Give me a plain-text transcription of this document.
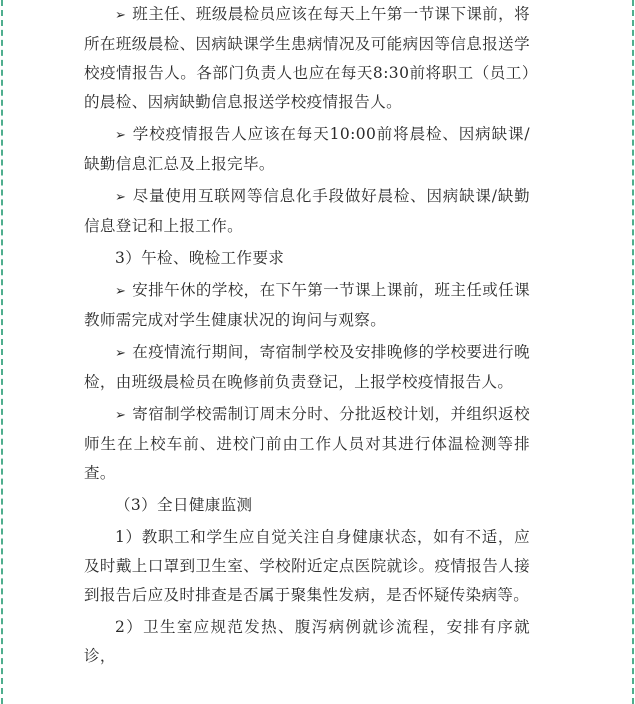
➢ 班主任、班级晨检员应该在每天上午第一节课下课前，将所在班级晨检、因病缺课学生患病情况及可能病因等信息报送学校疫情报告人。各部门负责人也应在每天8:30前将职工（员工）的晨检、因病缺勤信息报送学校疫情报告人。

➢ 学校疫情报告人应该在每天10:00前将晨检、因病缺课/缺勤信息汇总及上报完毕。

➢ 尽量使用互联网等信息化手段做好晨检、因病缺课/缺勤信息登记和上报工作。

3）午检、晚检工作要求

➢ 安排午休的学校，在下午第一节课上课前，班主任或任课教师需完成对学生健康状况的询问与观察。

➢ 在疫情流行期间，寄宿制学校及安排晚修的学校要进行晚检，由班级晨检员在晚修前负责登记，上报学校疫情报告人。

➢ 寄宿制学校需制订周末分时、分批返校计划，并组织返校师生在上校车前、进校门前由工作人员对其进行体温检测等排查。

（3）全日健康监测

1）教职工和学生应自觉关注自身健康状态，如有不适，应及时戴上口罩到卫生室、学校附近定点医院就诊。疫情报告人接到报告后应及时排查是否属于聚集性发病，是否怀疑传染病等。

2）卫生室应规范发热、腹泻病例就诊流程，安排有序就诊，
